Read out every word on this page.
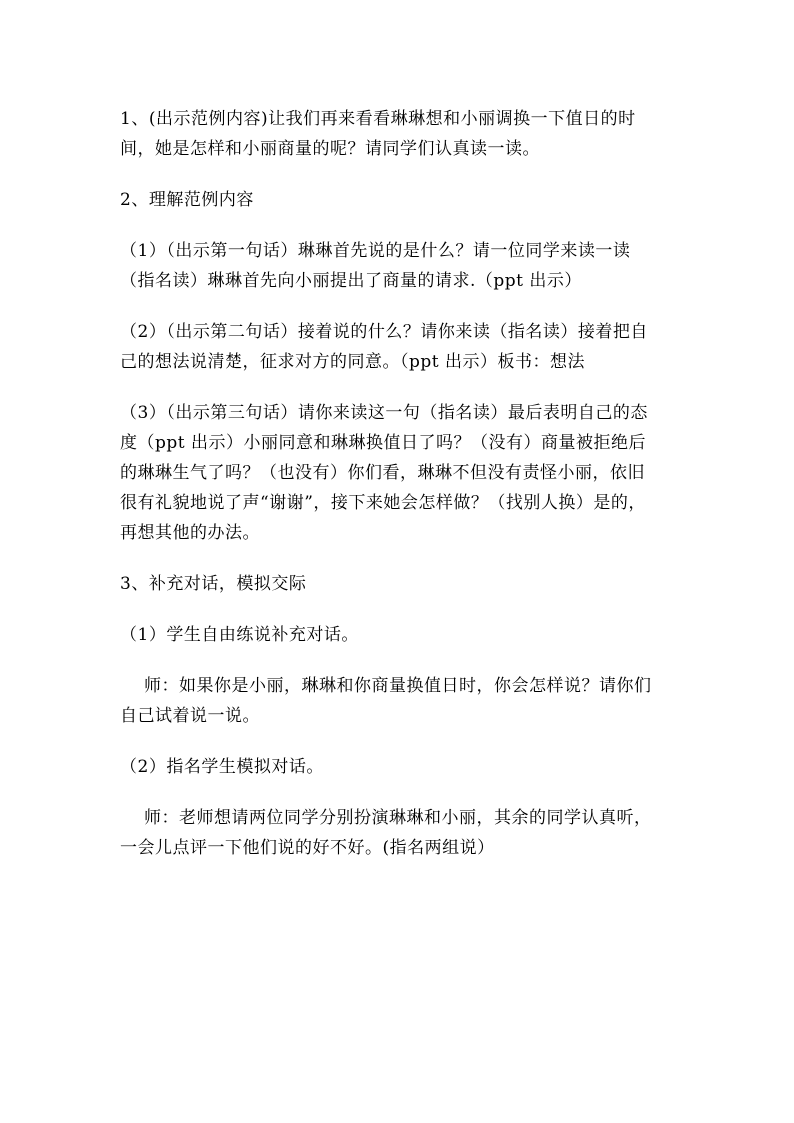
1、(出示范例内容)让我们再来看看琳琳想和小丽调换一下值日的时
间，她是怎样和小丽商量的呢？请同学们认真读一读。
2、理解范例内容
（1）（出示第一句话）琳琳首先说的是什么？请一位同学来读一读
（指名读）琳琳首先向小丽提出了商量的请求.（ppt 出示）
（2）（出示第二句话）接着说的什么？请你来读（指名读）接着把自
己的想法说清楚，征求对方的同意。（ppt 出示）板书：想法
（3）（出示第三句话）请你来读这一句（指名读）最后表明自己的态
度（ppt 出示）小丽同意和琳琳换值日了吗？（没有）商量被拒绝后
的琳琳生气了吗？（也没有）你们看，琳琳不但没有责怪小丽，依旧
很有礼貌地说了声“谢谢”，接下来她会怎样做？（找别人换）是的，
再想其他的办法。
3、补充对话，模拟交际
（1）学生自由练说补充对话。
师：如果你是小丽，琳琳和你商量换值日时，你会怎样说？请你们
自己试着说一说。
（2）指名学生模拟对话。
师：老师想请两位同学分别扮演琳琳和小丽，其余的同学认真听，
一会儿点评一下他们说的好不好。(指名两组说）
